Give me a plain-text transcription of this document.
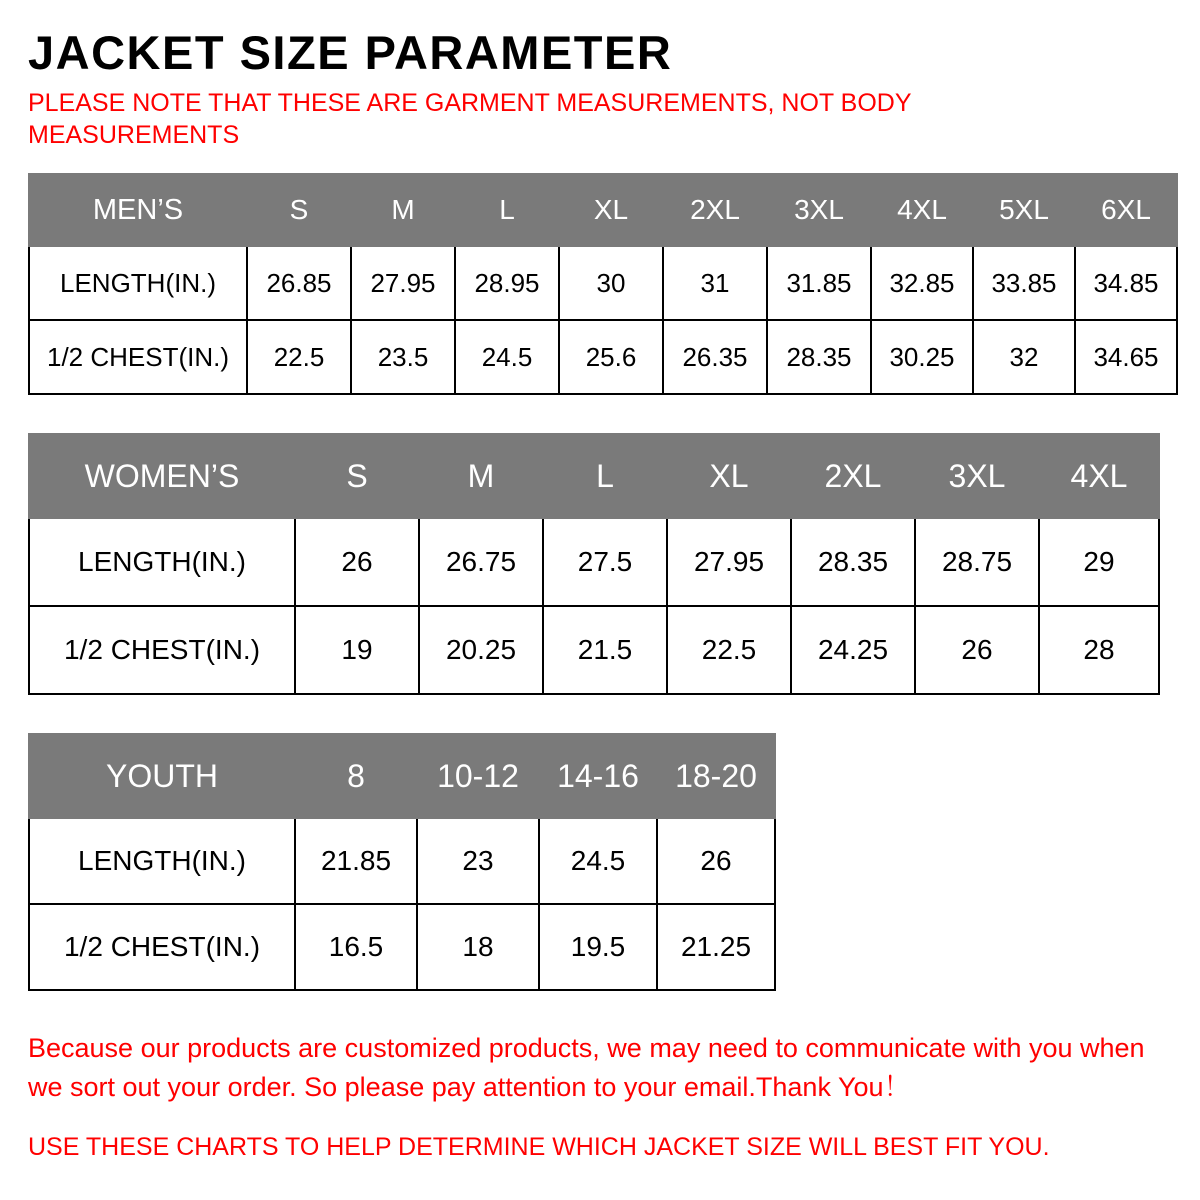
JACKET SIZE PARAMETER

PLEASE NOTE THAT THESE ARE GARMENT MEASUREMENTS, NOT BODY MEASUREMENTS

MEN’S	S	M	L	XL	2XL	3XL	4XL	5XL	6XL
LENGTH(IN.)	26.85	27.95	28.95	30	31	31.85	32.85	33.85	34.85
1/2 CHEST(IN.)	22.5	23.5	24.5	25.6	26.35	28.35	30.25	32	34.65
WOMEN’S	S	M	L	XL	2XL	3XL	4XL
LENGTH(IN.)	26	26.75	27.5	27.95	28.35	28.75	29
1/2 CHEST(IN.)	19	20.25	21.5	22.5	24.25	26	28
YOUTH	8	10-12	14-16	18-20
LENGTH(IN.)	21.85	23	24.5	26
1/2 CHEST(IN.)	16.5	18	19.5	21.25

Because our products are customized products, we may need to communicate with you when we sort out your order. So please pay attention to your email.Thank You！

USE THESE CHARTS TO HELP DETERMINE WHICH JACKET SIZE WILL BEST FIT YOU.
